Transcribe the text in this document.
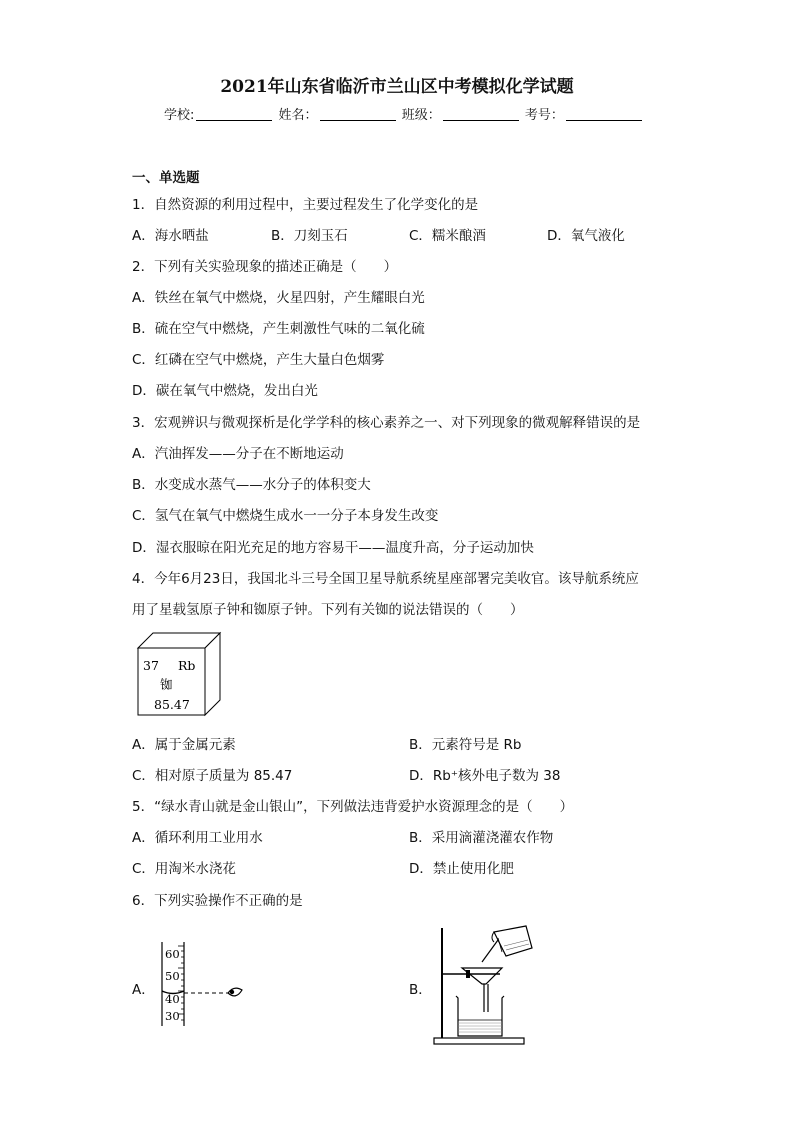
2021年山东省临沂市兰山区中考模拟化学试题
学校:	姓名：	班级：	考号：
一、单选题
1．自然资源的利用过程中，主要过程发生了化学变化的是
A．海水晒盐	B．刀刻玉石	C．糯米酿酒	D．氧气液化
2．下列有关实验现象的描述正确是（　　）
A．铁丝在氧气中燃烧，火星四射，产生耀眼白光
B．硫在空气中燃烧，产生刺激性气味的二氧化硫
C．红磷在空气中燃烧，产生大量白色烟雾
D．碳在氧气中燃烧，发出白光
3．宏观辨识与微观探析是化学学科的核心素养之一、对下列现象的微观解释错误的是
A．汽油挥发——分子在不断地运动
B．水变成水蒸气——水分子的体积变大
C．氢气在氧气中燃烧生成水一一分子本身发生改变
D．湿衣服晾在阳光充足的地方容易干——温度升高，分子运动加快
4．今年6月23日，我国北斗三号全国卫星导航系统星座部署完美收官。该导航系统应
用了星载氢原子钟和铷原子钟。下列有关铷的说法错误的（　　）
37 Rb
铷
85.47
A．属于金属元素	B．元素符号是 Rb
C．相对原子质量为 85.47	D．Rb⁺核外电子数为 38
5．“绿水青山就是金山银山”，下列做法违背爱护水资源理念的是（　　）
A．循环利用工业用水	B．采用滴灌浇灌农作物
C．用淘米水浇花	D．禁止使用化肥
6．下列实验操作不正确的是
A．
60
50
40
30
B．
